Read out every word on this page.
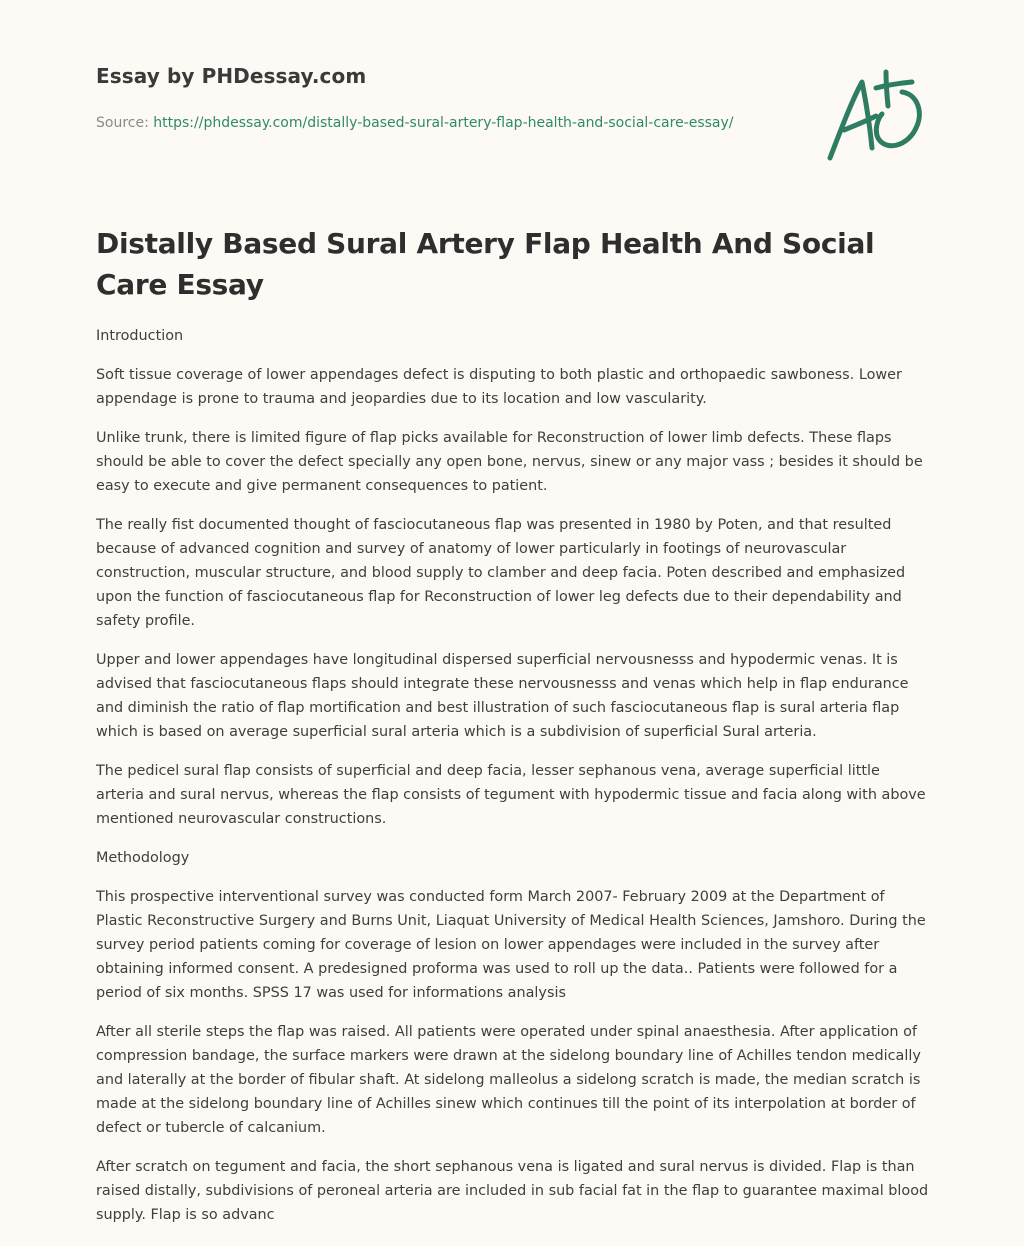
Essay by PHDessay.com
Source: https://phdessay.com/distally-based-sural-artery-flap-health-and-social-care-essay/
Distally Based Sural Artery Flap Health And Social Care Essay

Introduction

Soft tissue coverage of lower appendages defect is disputing to both plastic and orthopaedic sawboness. Lower appendage is prone to trauma and jeopardies due to its location and low vascularity.

Unlike trunk, there is limited figure of flap picks available for Reconstruction of lower limb defects. These flaps should be able to cover the defect specially any open bone, nervus, sinew or any major vass ; besides it should be easy to execute and give permanent consequences to patient.

The really fist documented thought of fasciocutaneous flap was presented in 1980 by Poten, and that resulted because of advanced cognition and survey of anatomy of lower particularly in footings of neurovascular construction, muscular structure, and blood supply to clamber and deep facia. Poten described and emphasized upon the function of fasciocutaneous flap for Reconstruction of lower leg defects due to their dependability and safety profile.

Upper and lower appendages have longitudinal dispersed superficial nervousnesss and hypodermic venas. It is advised that fasciocutaneous flaps should integrate these nervousnesss and venas which help in flap endurance and diminish the ratio of flap mortification and best illustration of such fasciocutaneous flap is sural arteria flap which is based on average superficial sural arteria which is a subdivision of superficial Sural arteria.

The pedicel sural flap consists of superficial and deep facia, lesser sephanous vena, average superficial little arteria and sural nervus, whereas the flap consists of tegument with hypodermic tissue and facia along with above mentioned neurovascular constructions.

Methodology

This prospective interventional survey was conducted form March 2007- February 2009 at the Department of Plastic Reconstructive Surgery and Burns Unit, Liaquat University of Medical Health Sciences, Jamshoro. During the survey period patients coming for coverage of lesion on lower appendages were included in the survey after obtaining informed consent. A predesigned proforma was used to roll up the data.. Patients were followed for a period of six months. SPSS 17 was used for informations analysis

After all sterile steps the flap was raised. All patients were operated under spinal anaesthesia. After application of compression bandage, the surface markers were drawn at the sidelong boundary line of Achilles tendon medically and laterally at the border of fibular shaft. At sidelong malleolus a sidelong scratch is made, the median scratch is made at the sidelong boundary line of Achilles sinew which continues till the point of its interpolation at border of defect or tubercle of calcanium.

After scratch on tegument and facia, the short sephanous vena is ligated and sural nervus is divided. Flap is than raised distally, subdivisions of peroneal arteria are included in sub facial fat in the flap to guarantee maximal blood supply. Flap is so advanc
